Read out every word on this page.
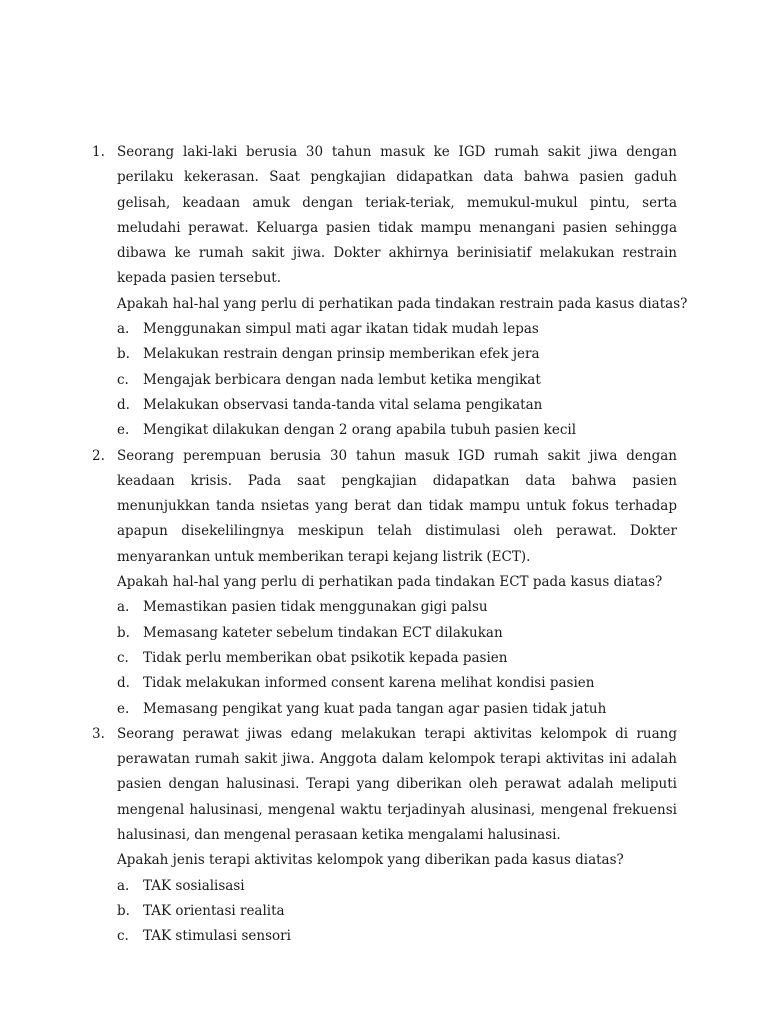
1. Seorang laki-laki berusia 30 tahun masuk ke IGD rumah sakit jiwa dengan perilaku kekerasan. Saat pengkajian didapatkan data bahwa pasien gaduh gelisah, keadaan amuk dengan teriak-teriak, memukul-mukul pintu, serta meludahi perawat. Keluarga pasien tidak mampu menangani pasien sehingga dibawa ke rumah sakit jiwa. Dokter akhirnya berinisiatif melakukan restrain kepada pasien tersebut.

Apakah hal-hal yang perlu di perhatikan pada tindakan restrain pada kasus diatas?

a. Menggunakan simpul mati agar ikatan tidak mudah lepas
b. Melakukan restrain dengan prinsip memberikan efek jera
c. Mengajak berbicara dengan nada lembut ketika mengikat
d. Melakukan observasi tanda-tanda vital selama pengikatan
e. Mengikat dilakukan dengan 2 orang apabila tubuh pasien kecil
2. Seorang perempuan berusia 30 tahun masuk IGD rumah sakit jiwa dengan keadaan krisis. Pada saat pengkajian didapatkan data bahwa pasien menunjukkan tanda nsietas yang berat dan tidak mampu untuk fokus terhadap apapun disekelilingnya meskipun telah distimulasi oleh perawat. Dokter menyarankan untuk memberikan terapi kejang listrik (ECT).

Apakah hal-hal yang perlu di perhatikan pada tindakan ECT pada kasus diatas?

a. Memastikan pasien tidak menggunakan gigi palsu
b. Memasang kateter sebelum tindakan ECT dilakukan
c. Tidak perlu memberikan obat psikotik kepada pasien
d. Tidak melakukan informed consent karena melihat kondisi pasien
e. Memasang pengikat yang kuat pada tangan agar pasien tidak jatuh
3. Seorang perawat jiwas edang melakukan terapi aktivitas kelompok di ruang perawatan rumah sakit jiwa. Anggota dalam kelompok terapi aktivitas ini adalah pasien dengan halusinasi. Terapi yang diberikan oleh perawat adalah meliputi mengenal halusinasi, mengenal waktu terjadinyah alusinasi, mengenal frekuensi halusinasi, dan mengenal perasaan ketika mengalami halusinasi.

Apakah jenis terapi aktivitas kelompok yang diberikan pada kasus diatas?

a. TAK sosialisasi
b. TAK orientasi realita
c. TAK stimulasi sensori
